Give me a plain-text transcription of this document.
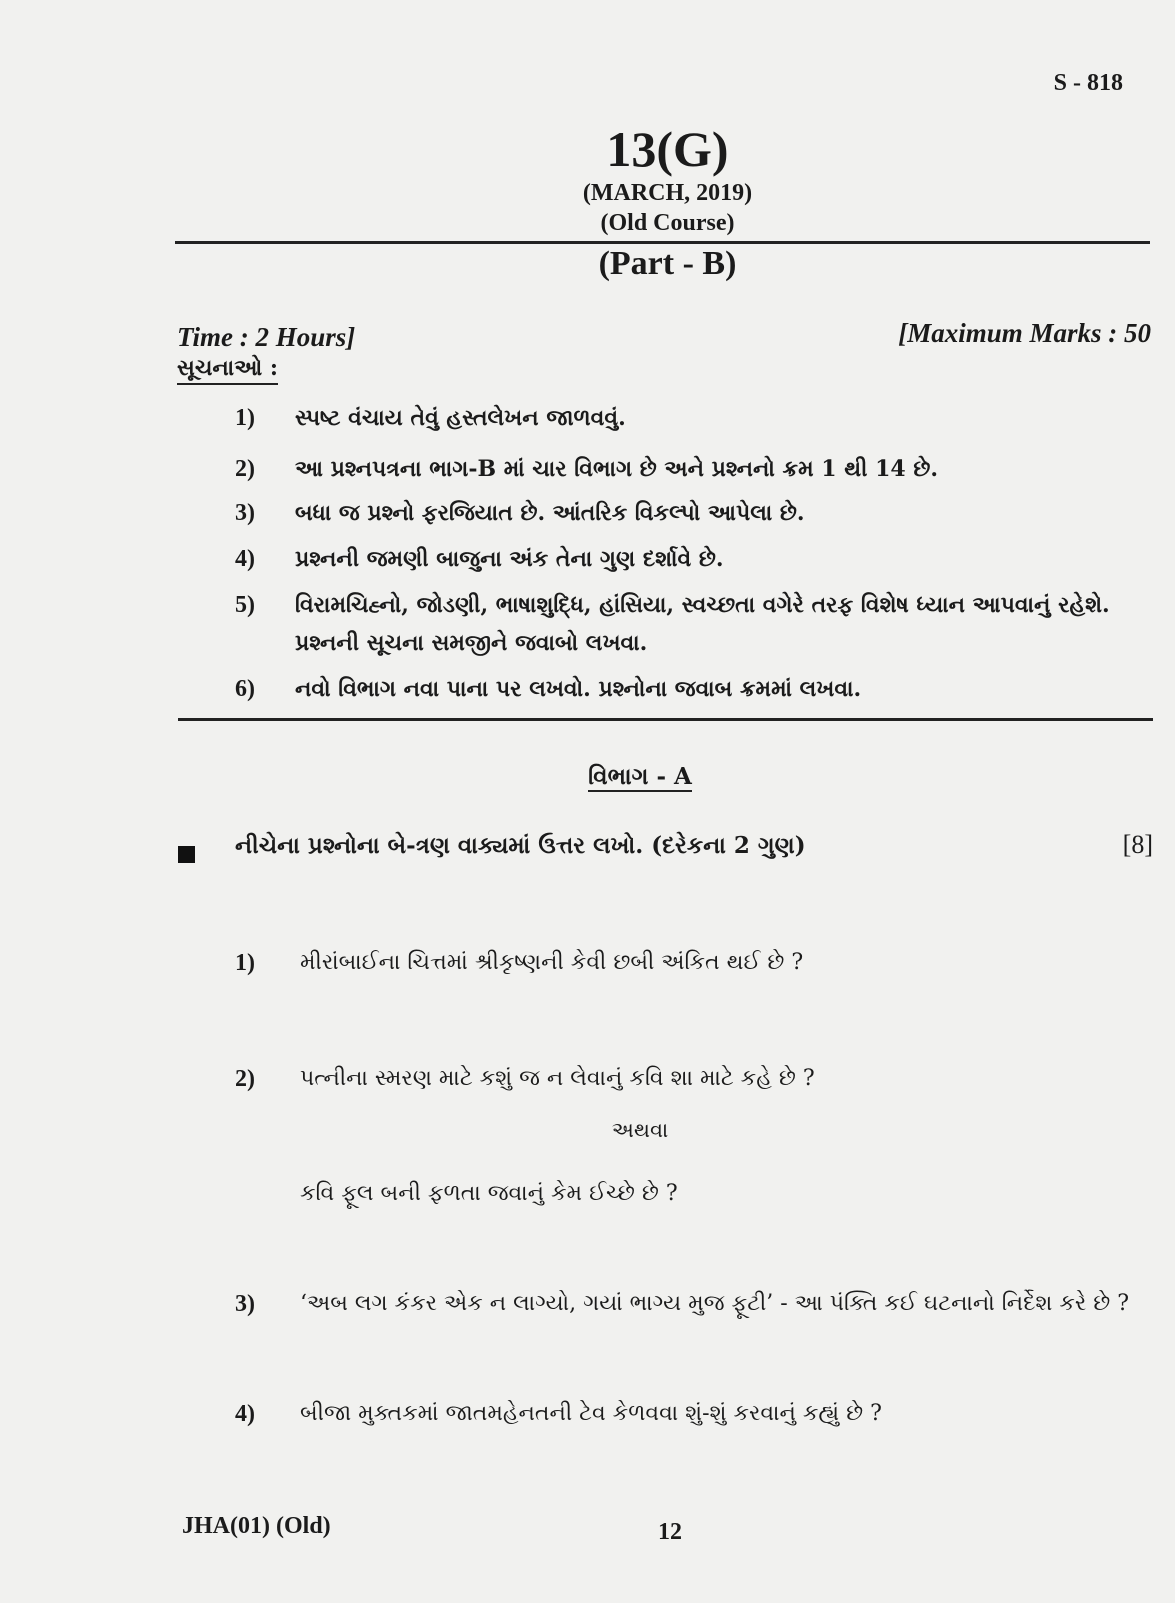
S - 818
13(G)
(MARCH, 2019)
(Old Course)
(Part - B)
Time : 2 Hours]	[Maximum Marks : 50
સૂચનાઓ :
1) સ્પષ્ટ વંચાય તેવું હસ્તલેખન જાળવવું.
2) આ પ્રશ્નપત્રના ભાગ-B માં ચાર વિભાગ છે અને પ્રશ્નનો ક્રમ 1 થી 14 છે.
3) બધા જ પ્રશ્નો ફરજિયાત છે. આંતરિક વિકલ્પો આપેલા છે.
4) પ્રશ્નની જમણી બાજુના અંક તેના ગુણ દર્શાવે છે.
5) વિરામચિહ્નો, જોડણી, ભાષાશુદ્ધિ, હાંસિયા, સ્વચ્છતા વગેરે તરફ વિશેષ ધ્યાન આપવાનું રહેશે. પ્રશ્નની સૂચના સમજીને જવાબો લખવા.
6) નવો વિભાગ નવા પાના પર લખવો. પ્રશ્નોના જવાબ ક્રમમાં લખવા.
વિભાગ - A
નીચેના પ્રશ્નોના બે-ત્રણ વાક્યમાં ઉત્તર લખો. (દરેકના 2 ગુણ)	[8]
1) મીરાંબાઈના ચિત્તમાં શ્રીકૃષ્ણની કેવી છબી અંકિત થઈ છે ?
2) પત્નીના સ્મરણ માટે કશું જ ન લેવાનું કવિ શા માટે કહે છે ?
અથવા
કવિ ફૂલ બની ફળતા જવાનું કેમ ઈચ્છે છે ?
3) ‘અબ લગ કંકર એક ન લાગ્યો, ગયાં ભાગ્ય મુજ ફૂટી’ - આ પંક્તિ કઈ ઘટનાનો નિર્દેશ કરે છે ?
4) બીજા મુક્તકમાં જાતમહેનતની ટેવ કેળવવા શું-શું કરવાનું કહ્યું છે ?
JHA(01) (Old)	12
